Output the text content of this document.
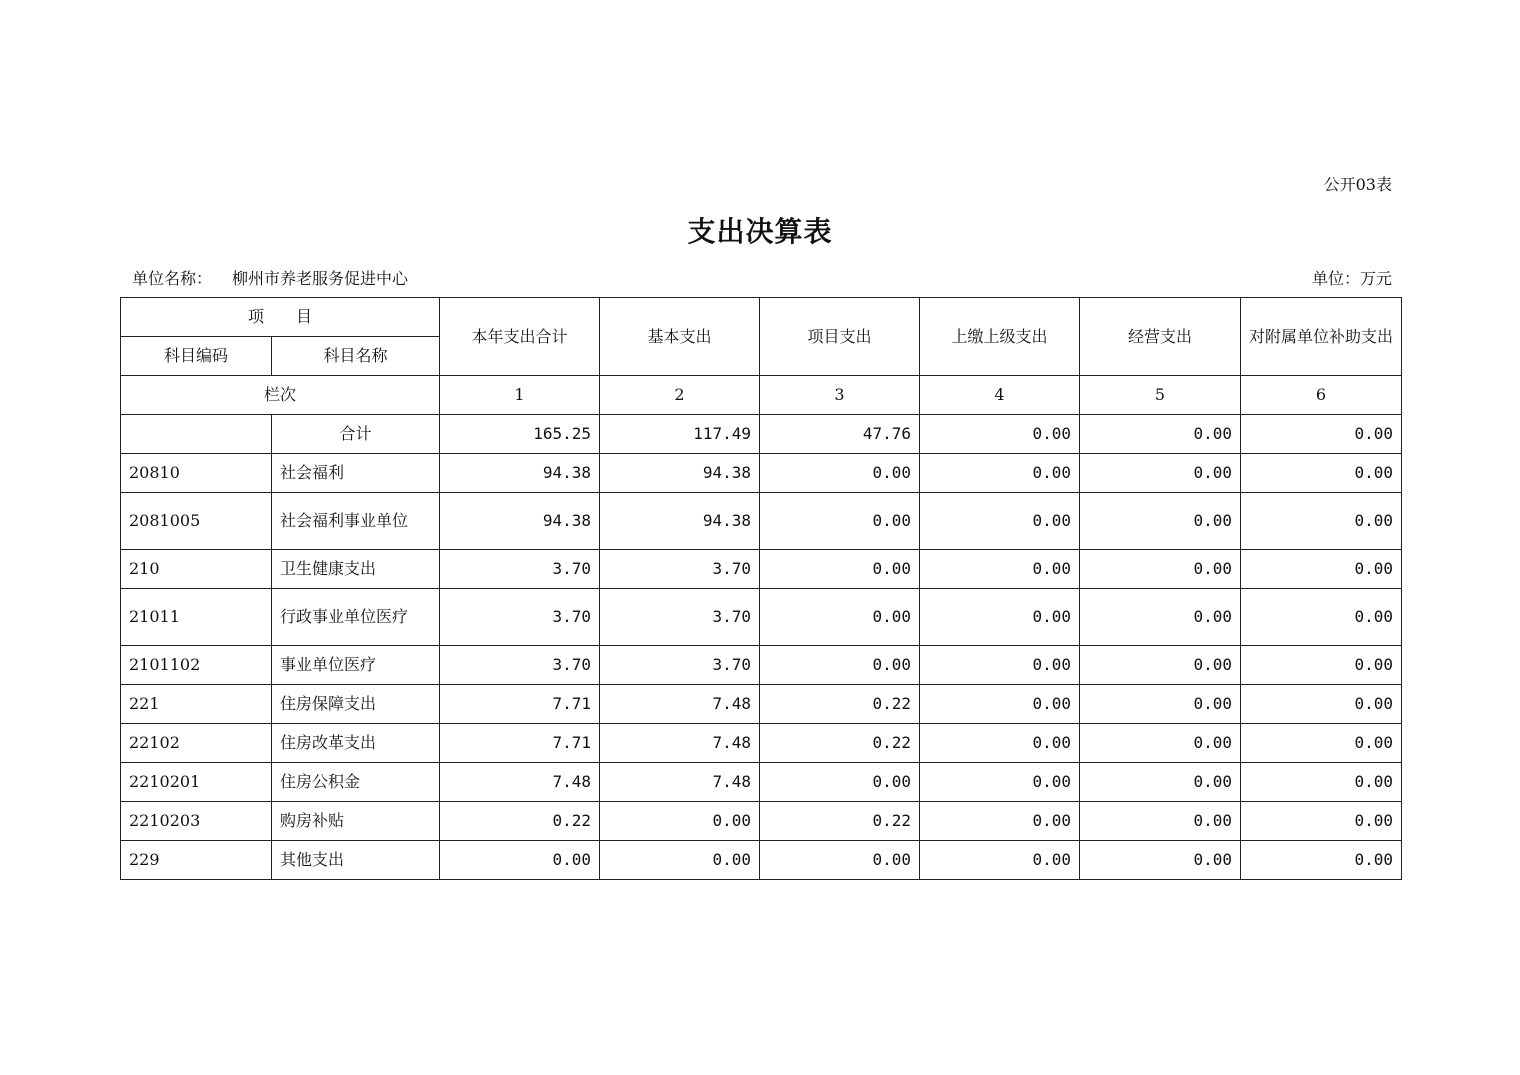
公开03表
支出决算表
单位名称： 柳州市养老服务促进中心	单位：万元
项　　目		本年支出合计	基本支出	项目支出	上缴上级支出	经营支出	对附属单位补助支出
科目编码	科目名称						
栏次		1	2	3	4	5	6
	合计	165.25	117.49	47.76	0.00	0.00	0.00
20810	社会福利	94.38	94.38	0.00	0.00	0.00	0.00
2081005	社会福利事业单位	94.38	94.38	0.00	0.00	0.00	0.00
210	卫生健康支出	3.70	3.70	0.00	0.00	0.00	0.00
21011	行政事业单位医疗	3.70	3.70	0.00	0.00	0.00	0.00
2101102	事业单位医疗	3.70	3.70	0.00	0.00	0.00	0.00
221	住房保障支出	7.71	7.48	0.22	0.00	0.00	0.00
22102	住房改革支出	7.71	7.48	0.22	0.00	0.00	0.00
2210201	住房公积金	7.48	7.48	0.00	0.00	0.00	0.00
2210203	购房补贴	0.22	0.00	0.22	0.00	0.00	0.00
229	其他支出	0.00	0.00	0.00	0.00	0.00	0.00
